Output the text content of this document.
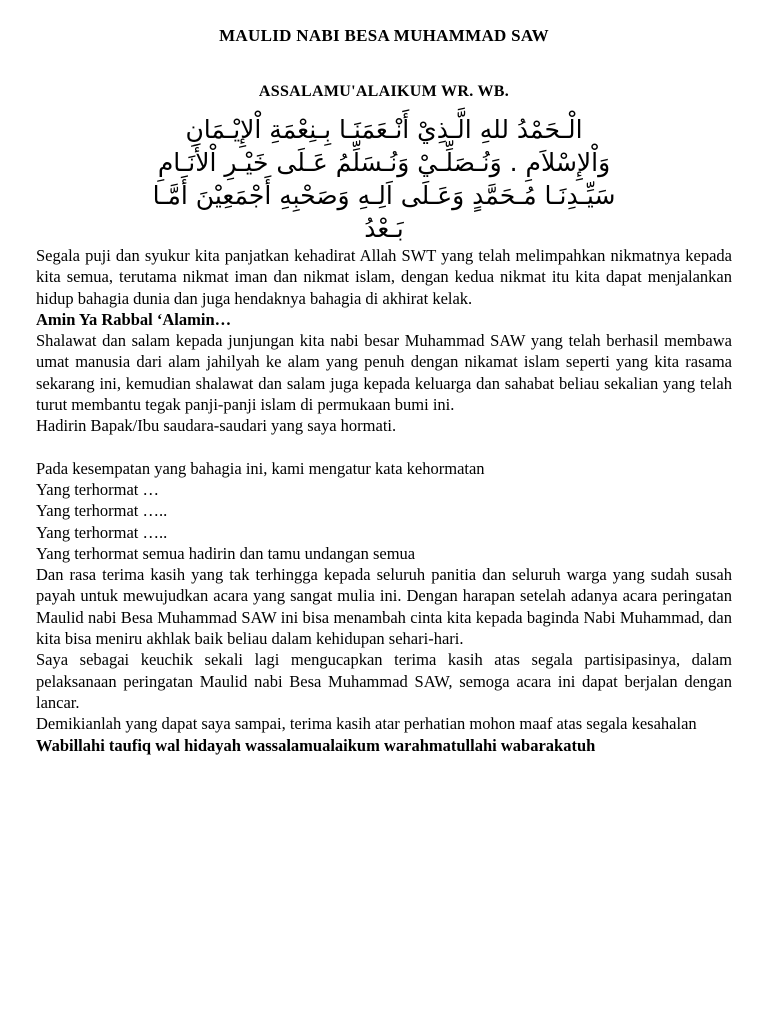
MAULID NABI BESA MUHAMMAD SAW
ASSALAMU'ALAIKUM WR. WB.
الْـحَمْدُ للهِ الَّـذِيْ أَنْـعَمَنَـا بِـنِعْمَةِ اْلإِيْـمَانِ
وَاْلإِسْلاَمِ . وَنُـصَلِّـيْ وَنُـسَلِّمُ عَـلَى خَيْـرِ اْلأَنَـامِ
سَيِّـدِنَـا مُـحَمَّدٍ وَعَـلَى اَلِـهِ وَصَحْبِهِ أَجْمَعِيْنَ أَمَّـا
بَـعْدُ

Segala puji dan syukur kita panjatkan kehadirat Allah SWT yang telah melimpahkan nikmatnya kepada kita semua, terutama nikmat iman dan nikmat islam, dengan kedua nikmat itu kita dapat menjalankan hidup bahagia dunia dan juga hendaknya bahagia di akhirat kelak.

Amin Ya Rabbal ‘Alamin…

Shalawat dan salam kepada junjungan kita nabi besar Muhammad SAW yang telah berhasil membawa umat manusia dari alam jahilyah ke alam yang penuh dengan nikamat islam seperti yang kita rasama sekarang ini, kemudian shalawat dan salam juga kepada keluarga dan sahabat beliau sekalian yang telah turut membantu tegak panji-panji islam di permukaan bumi ini.

Hadirin Bapak/Ibu saudara-saudari yang saya hormati.

Pada kesempatan yang bahagia ini, kami mengatur kata kehormatan

Yang terhormat …

Yang terhormat …..

Yang terhormat …..

Yang terhormat semua hadirin dan tamu undangan semua

Dan rasa terima kasih yang tak terhingga kepada seluruh panitia dan seluruh warga yang sudah susah payah untuk mewujudkan acara yang sangat mulia ini. Dengan harapan setelah adanya acara peringatan Maulid nabi Besa Muhammad SAW ini bisa menambah cinta kita kepada baginda Nabi Muhammad, dan kita bisa meniru akhlak baik beliau dalam kehidupan sehari-hari.

Saya sebagai keuchik sekali lagi mengucapkan terima kasih atas segala partisipasinya, dalam pelaksanaan peringatan Maulid nabi Besa Muhammad SAW, semoga acara ini dapat berjalan dengan lancar.

Demikianlah yang dapat saya sampai, terima kasih atar perhatian mohon maaf atas segala kesahalan

Wabillahi taufiq wal hidayah wassalamualaikum warahmatullahi wabarakatuh
